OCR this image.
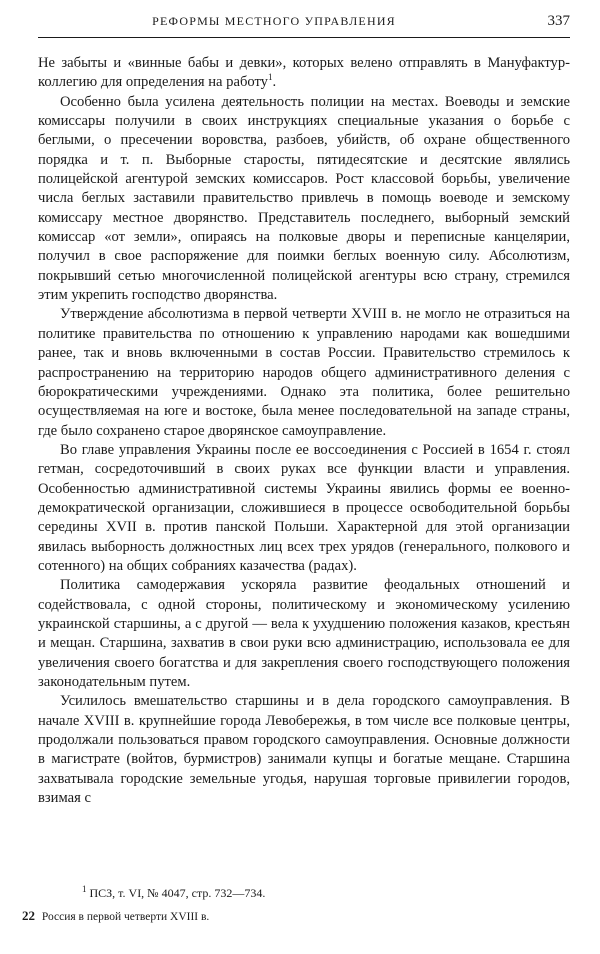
РЕФОРМЫ МЕСТНОГО УПРАВЛЕНИЯ	337

Не забыты и «винные бабы и девки», которых велено отправлять в Мануфактур-коллегию для определения на работу$^1$.

Особенно была усилена деятельность полиции на местах. Воеводы и земские комиссары получили в своих инструкциях специальные указания о борьбе с беглыми, о пресечении воровства, разбоев, убийств, об охране общественного порядка и т. п. Выборные старосты, пятидесятские и десятские являлись полицейской агентурой земских комиссаров. Рост классовой борьбы, увеличение числа беглых заставили правительство привлечь в помощь воеводе и земскому комиссару местное дворянство. Представитель последнего, выборный земский комиссар «от земли», опираясь на полковые дворы и переписные канцелярии, получил в свое распоряжение для поимки беглых военную силу. Абсолютизм, покрывший сетью многочисленной полицейской агентуры всю страну, стремился этим укрепить господство дворянства.

Утверждение абсолютизма в первой четверти XVIII в. не могло не отразиться на политике правительства по отношению к управлению народами как вошедшими ранее, так и вновь включенными в состав России. Правительство стремилось к распространению на территорию народов общего административного деления с бюрократическими учреждениями. Однако эта политика, более решительно осуществляемая на юге и востоке, была менее последовательной на западе страны, где было сохранено старое дворянское самоуправление.

Во главе управления Украины после ее воссоединения с Россией в 1654 г. стоял гетман, сосредоточивший в своих руках все функции власти и управления. Особенностью административной системы Украины явились формы ее военно-демократической организации, сложившиеся в процессе освободительной борьбы середины XVII в. против панской Польши. Характерной для этой организации явилась выборность должностных лиц всех трех урядов (генерального, полкового и сотенного) на общих собраниях казачества (радах).

Политика самодержавия ускоряла развитие феодальных отношений и содействовала, с одной стороны, политическому и экономическому усилению украинской старшины, а с другой — вела к ухудшению положения казаков, крестьян и мещан. Старшина, захватив в свои руки всю администрацию, использовала ее для увеличения своего богатства и для закрепления своего господствующего положения законодательным путем.

Усилилось вмешательство старшины и в дела городского самоуправления. В начале XVIII в. крупнейшие города Левобережья, в том числе все полковые центры, продолжали пользоваться правом городского самоуправления. Основные должности в магистрате (войтов, бурмистров) занимали купцы и богатые мещане. Старшина захватывала городские земельные угодья, нарушая торговые привилегии городов, взимая с

$^1$ ПСЗ, т. VI, № 4047, стр. 732—734.
22 Россия в первой четверти XVIII в.
